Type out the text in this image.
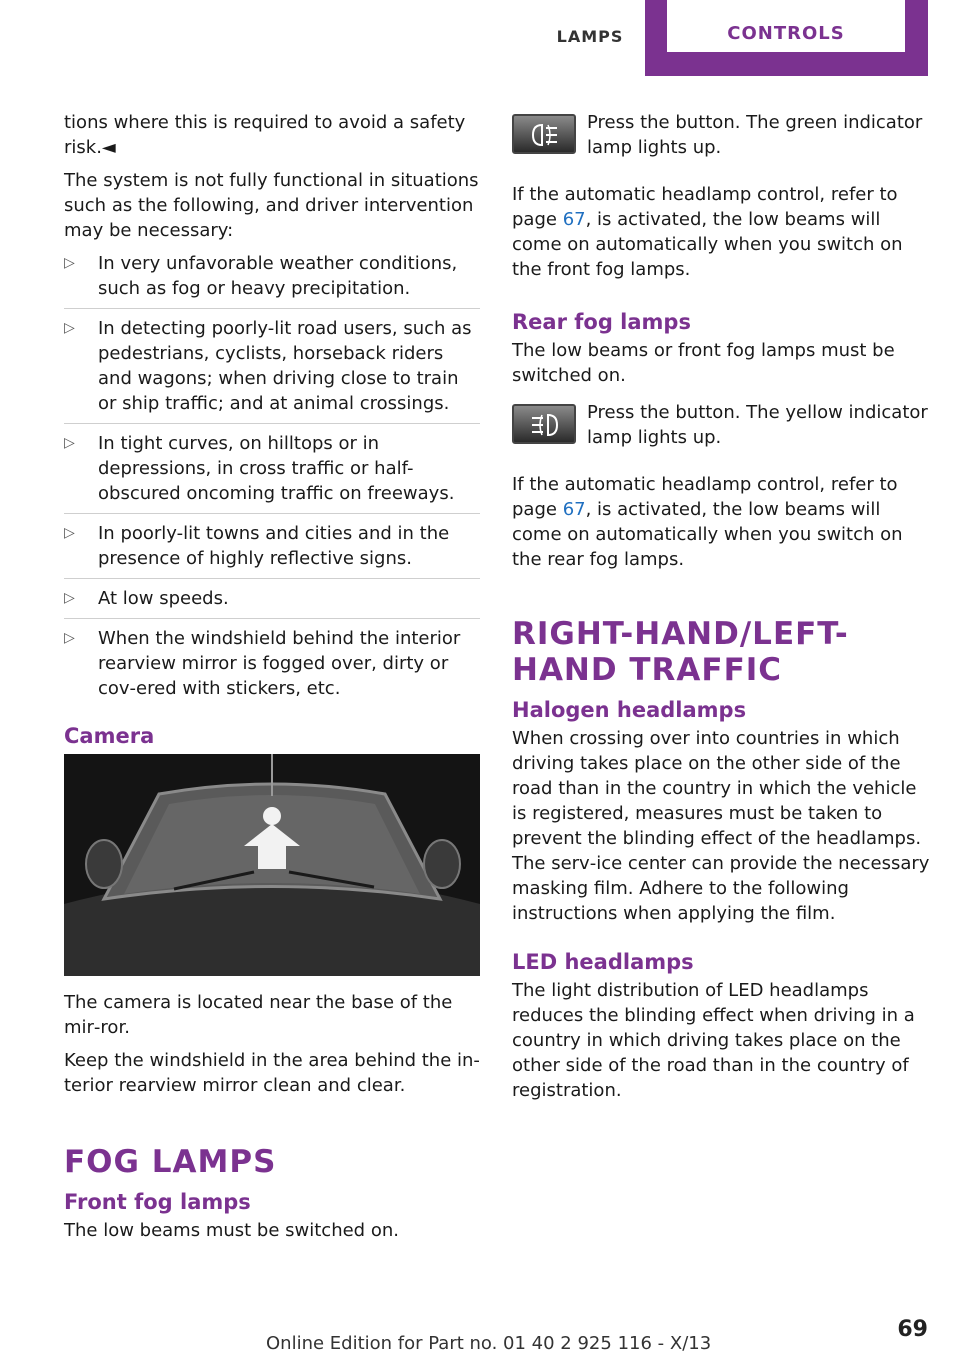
LAMPS	CONTROLS

tions where this is required to avoid a safety risk.◄

The system is not fully functional in situations such as the following, and driver intervention may be necessary:

▷ In very unfavorable weather conditions, such as fog or heavy precipitation.
▷ In detecting poorly-lit road users, such as pedestrians, cyclists, horseback riders and wagons; when driving close to train or ship traffic; and at animal crossings.
▷ In tight curves, on hilltops or in depressions, in cross traffic or half-obscured oncoming traffic on freeways.
▷ In poorly-lit towns and cities and in the presence of highly reflective signs.
▷ At low speeds.
▷ When the windshield behind the interior rearview mirror is fogged over, dirty or cov‐ered with stickers, etc.
Camera

The camera is located near the base of the mir‐ror.

Keep the windshield in the area behind the in‐terior rearview mirror clean and clear.

FOG LAMPS
Front fog lamps

The low beams must be switched on.

Press the button. The green indicator lamp lights up.

If the automatic headlamp control, refer to page 67, is activated, the low beams will come on automatically when you switch on the front fog lamps.

Rear fog lamps

The low beams or front fog lamps must be switched on.

Press the button. The yellow indicator lamp lights up.

If the automatic headlamp control, refer to page 67, is activated, the low beams will come on automatically when you switch on the rear fog lamps.

RIGHT-HAND/LEFT-HAND TRAFFIC
Halogen headlamps

When crossing over into countries in which driving takes place on the other side of the road than in the country in which the vehicle is registered, measures must be taken to prevent the blinding effect of the headlamps. The serv‐ice center can provide the necessary masking film. Adhere to the following instructions when applying the film.

LED headlamps

The light distribution of LED headlamps reduces the blinding effect when driving in a country in which driving takes place on the other side of the road than in the country of registration.

Online Edition for Part no. 01 40 2 925 116 - X/13
69
